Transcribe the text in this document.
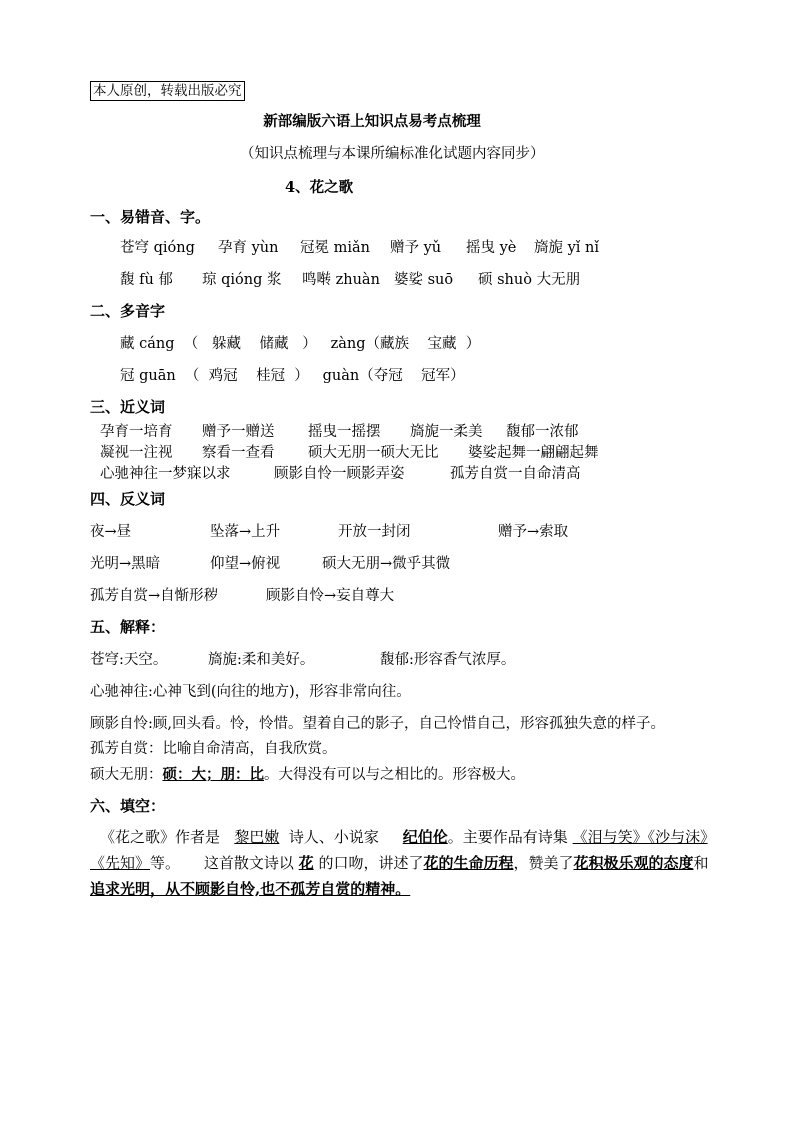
本人原创，转载出版必究
新部编版六语上知识点易考点梳理
（知识点梳理与本课所编标准化试题内容同步）
4、花之歌
一、易错音、字。
苍穹 qióng 孕育 yùn 冠冕 miǎn 赠予 yǔ 摇曳 yè 旖旎 yǐ nǐ
馥 fù 郁 琼 qióng 浆 鸣啭 zhuàn 婆娑 suō 硕 shuò 大无朋
二、多音字
藏 cáng  （   躲藏    储藏   ）   zàng（藏族    宝藏  ）
冠 guān  （  鸡冠    桂冠  ）   guàn（夺冠    冠军）
三、近义词
孕育一培育 赠予一赠送 摇曳一摇摆 旖旎一柔美 馥郁一浓郁
凝视一注视 察看一查看 硕大无朋一硕大无比 婆娑起舞一翩翩起舞
心驰神往一梦寐以求	顾影自怜一顾影弄姿	孤芳自赏一自命清高
四、反义词
夜→昼	坠落→上升	开放一封闭	赠予→索取
光明→黑暗	仰望→俯视	硕大无朋→微乎其微
孤芳自赏→自惭形秽	顾影自怜→妄自尊大
五、解释：
苍穹:天空。	旖旎:柔和美好。	馥郁:形容香气浓厚。
心驰神往:心神飞到(向往的地方)，形容非常向往。
顾影自怜:顾,回头看。怜，怜惜。望着自己的影子，自己怜惜自己，形容孤独失意的样子。
孤芳自赏：比喻自命清高，自我欣赏。
硕大无朋：硕：大；朋：比。大得没有可以与之相比的。形容极大。
六、填空：
《花之歌》作者是 黎巴嫩 诗人、小说家 纪伯伦。主要作品有诗集 《泪与笑》《沙与沫》《先知》等。 这首散文诗以 花 的口吻，讲述了花的生命历程，赞美了花积极乐观的态度和追求光明，从不顾影自怜,也不孤芳自赏的精神。
